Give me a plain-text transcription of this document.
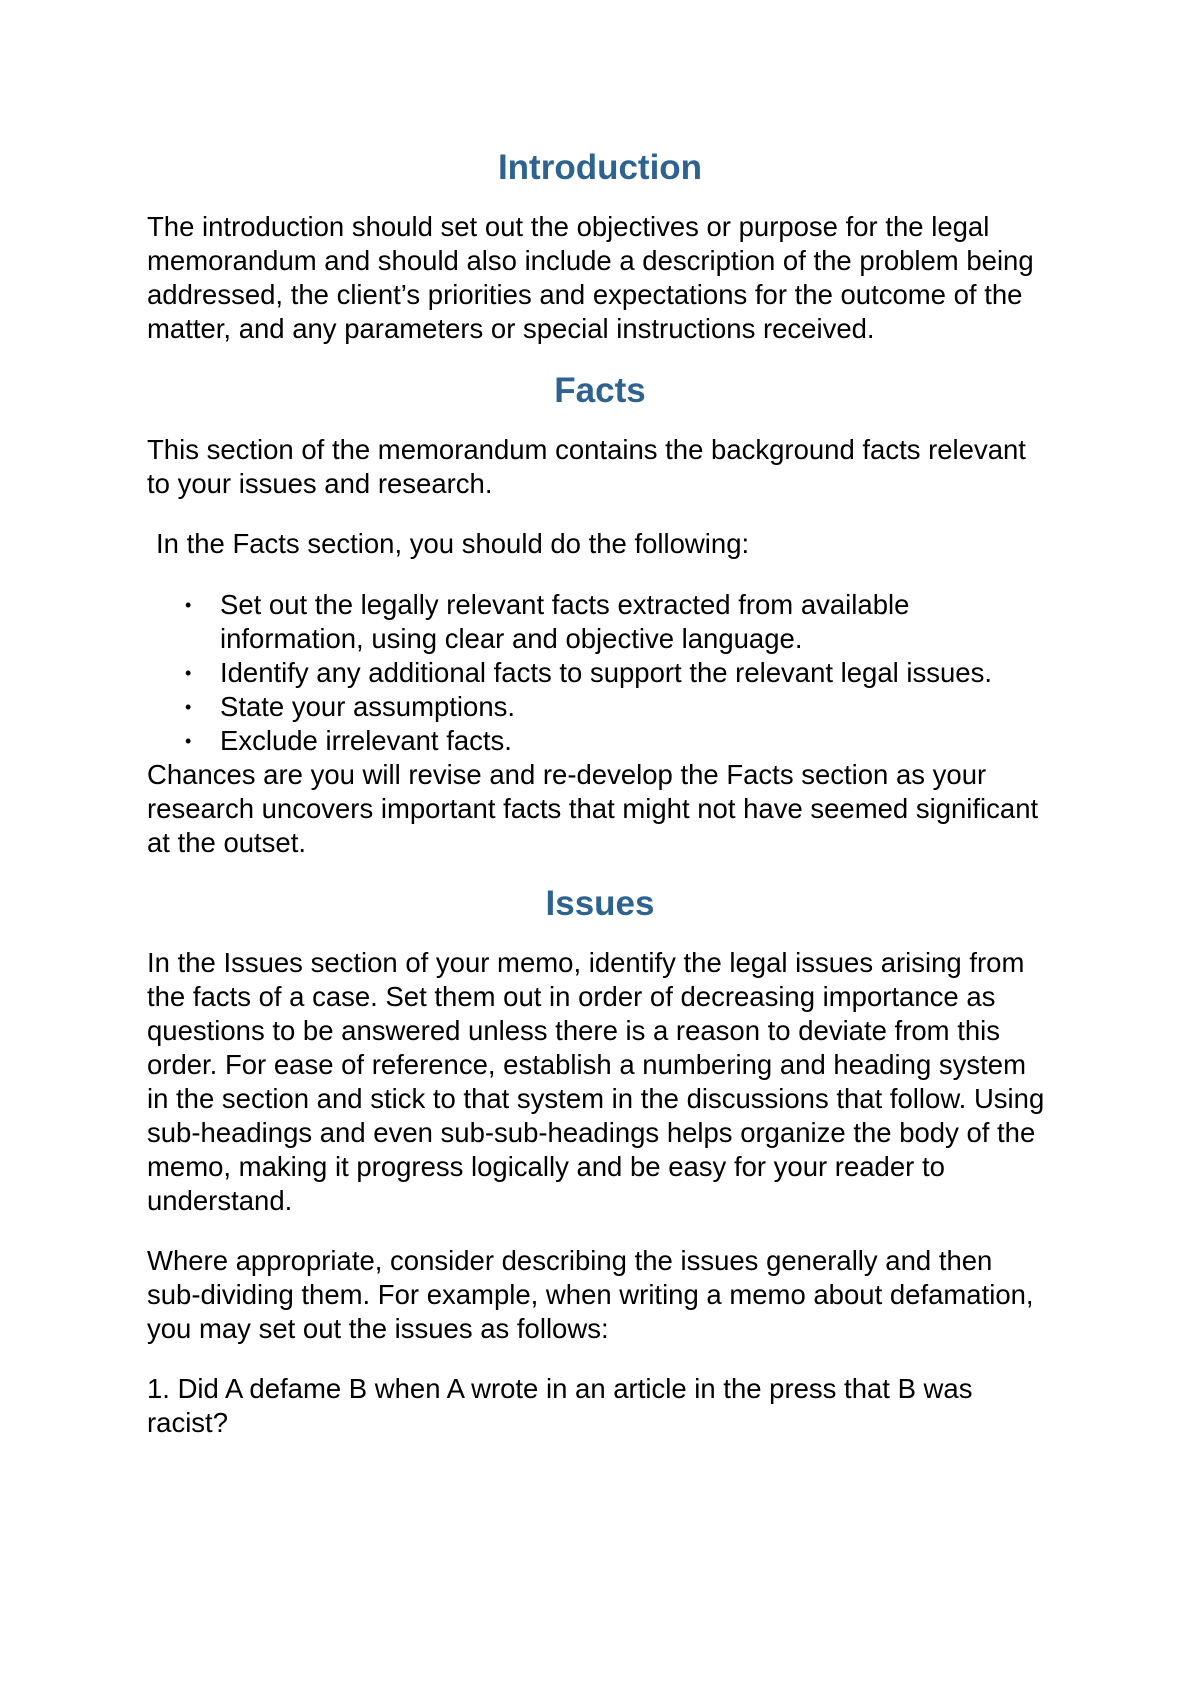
Introduction

The introduction should set out the objectives or purpose for the legal memorandum and should also include a description of the problem being addressed, the client’s priorities and expectations for the outcome of the matter, and any parameters or special instructions received.

Facts

This section of the memorandum contains the background facts relevant to your issues and research.

In the Facts section, you should do the following:

• Set out the legally relevant facts extracted from available information, using clear and objective language.
• Identify any additional facts to support the relevant legal issues.
• State your assumptions.
• Exclude irrelevant facts.

Chances are you will revise and re-develop the Facts section as your research uncovers important facts that might not have seemed significant at the outset.

Issues

In the Issues section of your memo, identify the legal issues arising from the facts of a case. Set them out in order of decreasing importance as questions to be answered unless there is a reason to deviate from this order. For ease of reference, establish a numbering and heading system in the section and stick to that system in the discussions that follow. Using sub-headings and even sub-sub-headings helps organize the body of the memo, making it progress logically and be easy for your reader to understand.

Where appropriate, consider describing the issues generally and then sub-dividing them. For example, when writing a memo about defamation, you may set out the issues as follows:

1. Did A defame B when A wrote in an article in the press that B was racist?
